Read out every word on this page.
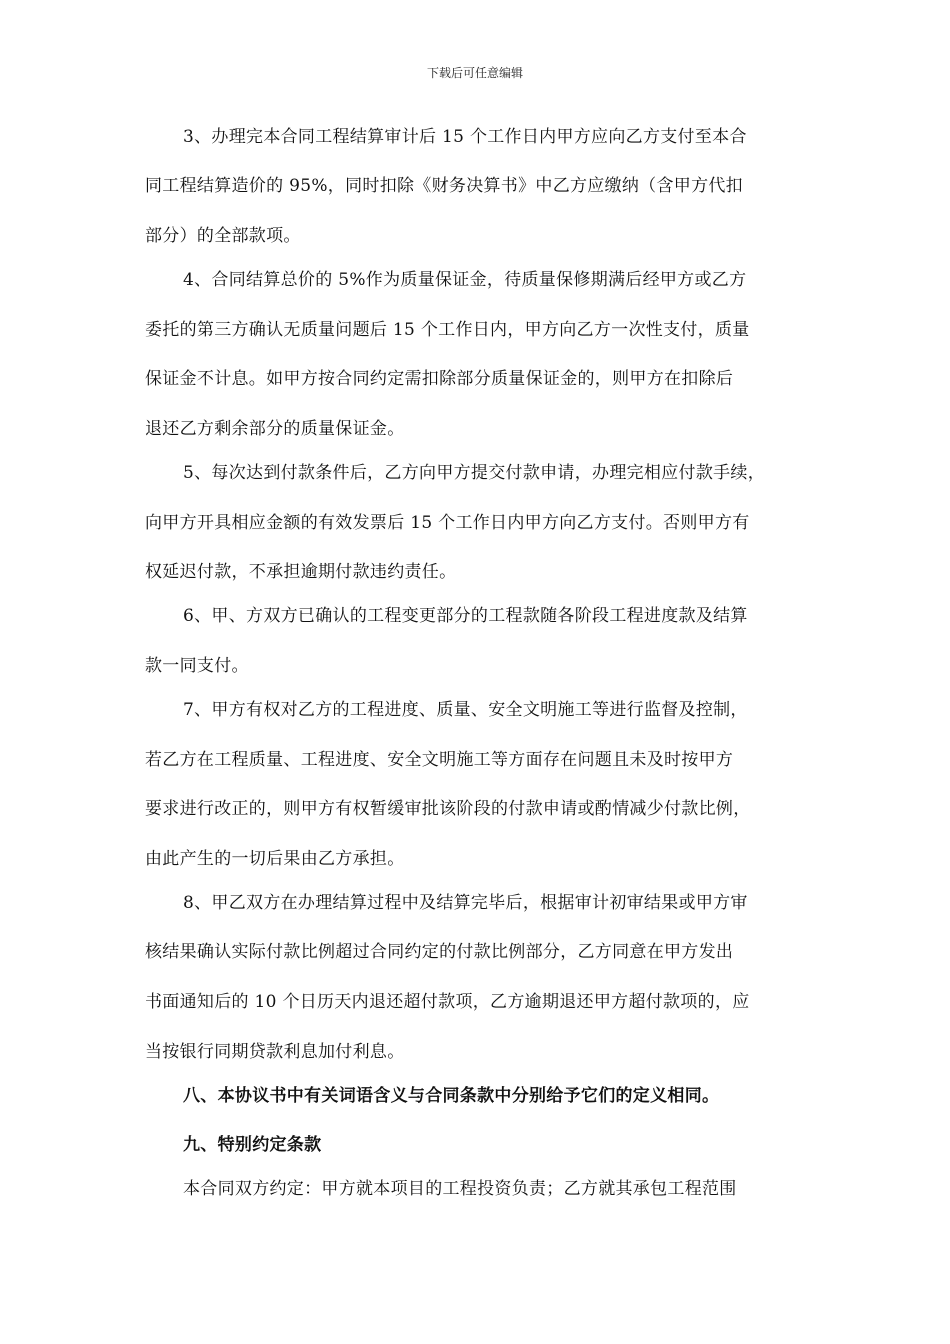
下载后可任意编辑
3、办理完本合同工程结算审计后 15 个工作日内甲方应向乙方支付至本合
同工程结算造价的 95%，同时扣除《财务决算书》中乙方应缴纳（含甲方代扣
部分）的全部款项。
4、合同结算总价的 5%作为质量保证金，待质量保修期满后经甲方或乙方
委托的第三方确认无质量问题后 15 个工作日内，甲方向乙方一次性支付，质量
保证金不计息。如甲方按合同约定需扣除部分质量保证金的，则甲方在扣除后
退还乙方剩余部分的质量保证金。
5、每次达到付款条件后，乙方向甲方提交付款申请，办理完相应付款手续，
向甲方开具相应金额的有效发票后 15 个工作日内甲方向乙方支付。否则甲方有
权延迟付款，不承担逾期付款违约责任。
6、甲、方双方已确认的工程变更部分的工程款随各阶段工程进度款及结算
款一同支付。
7、甲方有权对乙方的工程进度、质量、安全文明施工等进行监督及控制，
若乙方在工程质量、工程进度、安全文明施工等方面存在问题且未及时按甲方
要求进行改正的，则甲方有权暂缓审批该阶段的付款申请或酌情减少付款比例，
由此产生的一切后果由乙方承担。
8、甲乙双方在办理结算过程中及结算完毕后，根据审计初审结果或甲方审
核结果确认实际付款比例超过合同约定的付款比例部分，乙方同意在甲方发出
书面通知后的 10 个日历天内退还超付款项，乙方逾期退还甲方超付款项的，应
当按银行同期贷款利息加付利息。
八、本协议书中有关词语含义与合同条款中分别给予它们的定义相同。
九、特别约定条款
本合同双方约定：甲方就本项目的工程投资负责；乙方就其承包工程范围
